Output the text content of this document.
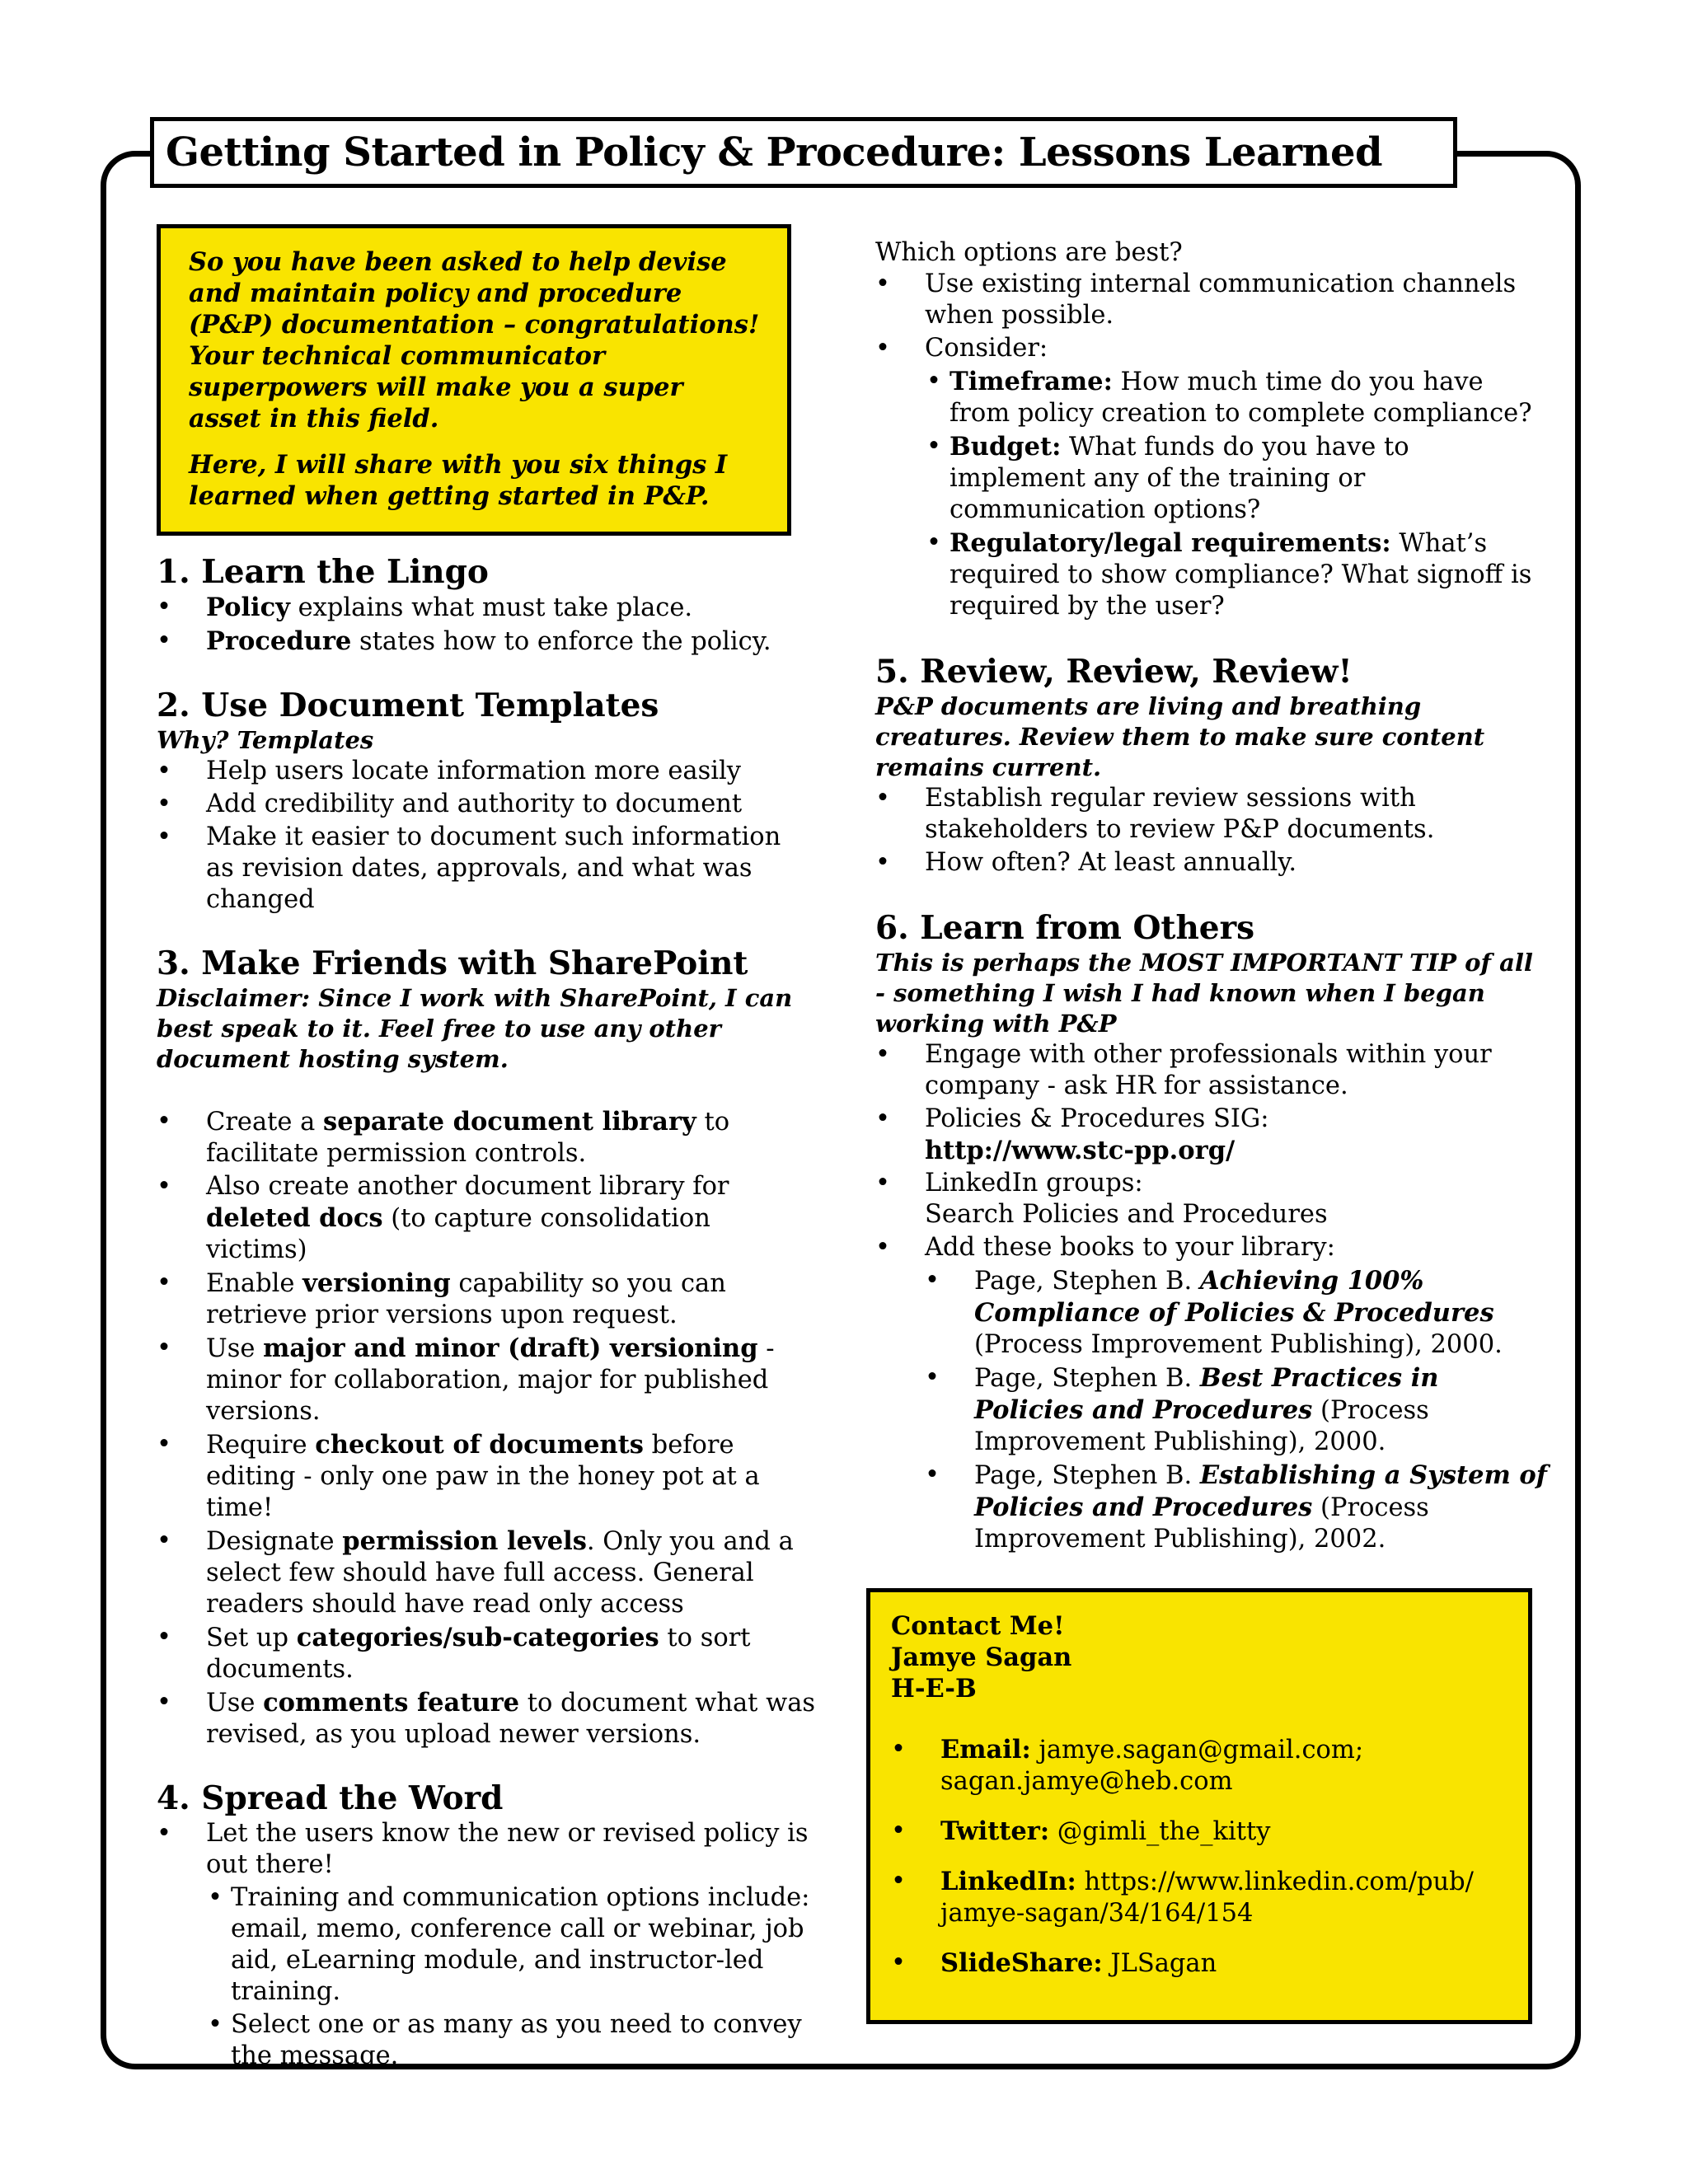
Getting Started in Policy & Procedure: Lessons Learned

So you have been asked to help devise and maintain policy and procedure (P&P) documentation – congratulations! Your technical communicator superpowers will make you a super asset in this field.

Here, I will share with you six things I learned when getting started in P&P.

1. Learn the Lingo
• Policy explains what must take place.
• Procedure states how to enforce the policy.
2. Use Document Templates

Why? Templates

• Help users locate information more easily
• Add credibility and authority to document
• Make it easier to document such information as revision dates, approvals, and what was changed
3. Make Friends with SharePoint

Disclaimer: Since I work with SharePoint, I can best speak to it. Feel free to use any other document hosting system.

• Create a separate document library to facilitate permission controls.
• Also create another document library for deleted docs (to capture consolidation victims)
• Enable versioning capability so you can retrieve prior versions upon request.
• Use major and minor (draft) versioning - minor for collaboration, major for published versions.
• Require checkout of documents before editing - only one paw in the honey pot at a time!
• Designate permission levels. Only you and a select few should have full access. General readers should have read only access
• Set up categories/sub-categories to sort documents.
• Use comments feature to document what was revised, as you upload newer versions.
4. Spread the Word
• Let the users know the new or revised policy is out there!
• Training and communication options include: email, memo, conference call or webinar, job aid, eLearning module, and instructor-led training.
• Select one or as many as you need to convey the message.

Which options are best?

• Use existing internal communication channels when possible.
• Consider:
• Timeframe: How much time do you have from policy creation to complete compliance?
• Budget: What funds do you have to implement any of the training or communication options?
• Regulatory/legal requirements: What’s required to show compliance? What signoff is required by the user?
5. Review, Review, Review!

P&P documents are living and breathing creatures. Review them to make sure content remains current.

• Establish regular review sessions with stakeholders to review P&P documents.
• How often? At least annually.
6. Learn from Others

This is perhaps the MOST IMPORTANT TIP of all - something I wish I had known when I began working with P&P

• Engage with other professionals within your company - ask HR for assistance.
• Policies & Procedures SIG:
http://www.stc-pp.org/
• LinkedIn groups:
Search Policies and Procedures
• Add these books to your library:
• Page, Stephen B. Achieving 100% Compliance of Policies & Procedures (Process Improvement Publishing), 2000.
• Page, Stephen B. Best Practices in Policies and Procedures (Process Improvement Publishing), 2000.
• Page, Stephen B. Establishing a System of Policies and Procedures (Process Improvement Publishing), 2002.

Contact Me!

Jamye Sagan

H-E-B

• Email: jamye.sagan@gmail.com; sagan.jamye@heb.com
• Twitter: @gimli_the_kitty
• LinkedIn: https://www.linkedin.com/pub/ jamye-sagan/34/164/154
• SlideShare: JLSagan
